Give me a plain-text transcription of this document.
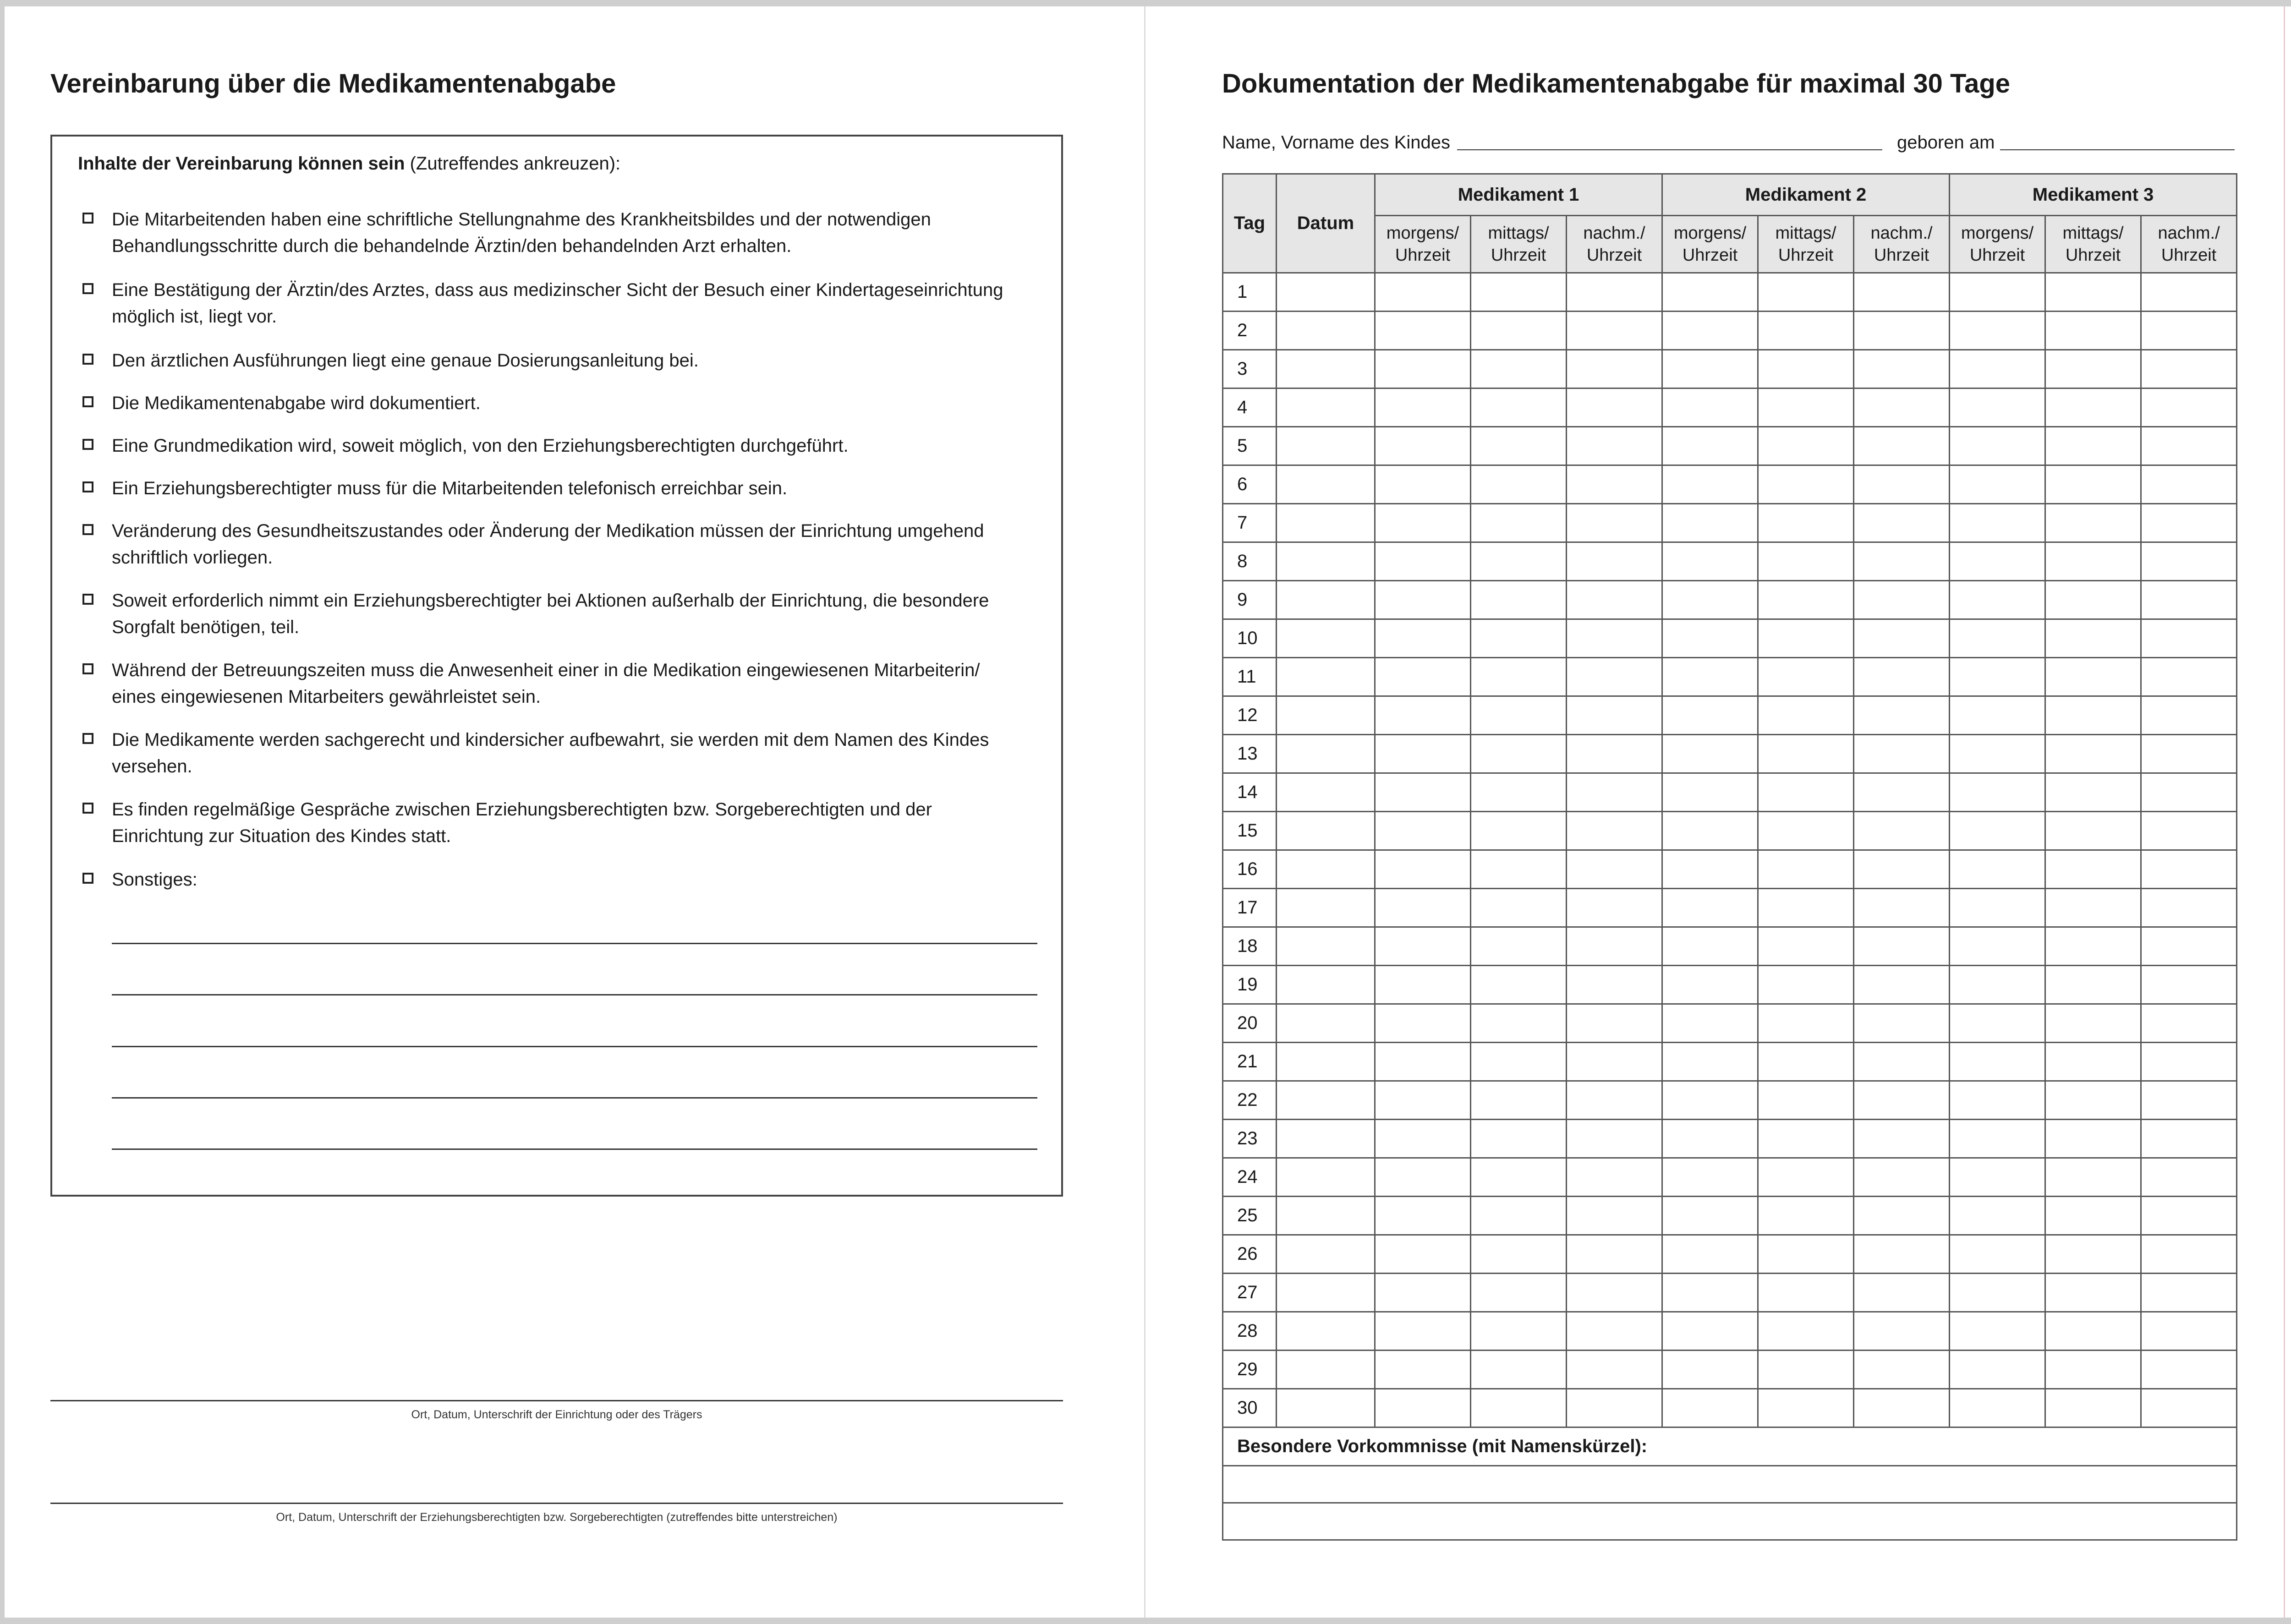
Vereinbarung über die Medikamentenabgabe
Inhalte der Vereinbarung können sein (Zutreffendes ankreuzen):
Die Mitarbeitenden haben eine schriftliche Stellungnahme des Krankheitsbildes und der notwendigen Behandlungsschritte durch die behandelnde Ärztin/den behandelnden Arzt erhalten.
Eine Bestätigung der Ärztin/des Arztes, dass aus medizinscher Sicht der Besuch einer Kindertageseinrichtung möglich ist, liegt vor.
Den ärztlichen Ausführungen liegt eine genaue Dosierungsanleitung bei.
Die Medikamentenabgabe wird dokumentiert.
Eine Grundmedikation wird, soweit möglich, von den Erziehungsberechtigten durchgeführt.
Ein Erziehungsberechtigter muss für die Mitarbeitenden telefonisch erreichbar sein.
Veränderung des Gesundheitszustandes oder Änderung der Medikation müssen der Einrichtung umgehend schriftlich vorliegen.
Soweit erforderlich nimmt ein Erziehungsberechtigter bei Aktionen außerhalb der Einrichtung, die besondere Sorgfalt benötigen, teil.
Während der Betreuungszeiten muss die Anwesenheit einer in die Medikation eingewiesenen Mitarbeiterin/ eines eingewiesenen Mitarbeiters gewährleistet sein.
Die Medikamente werden sachgerecht und kindersicher aufbewahrt, sie werden mit dem Namen des Kindes versehen.
Es finden regelmäßige Gespräche zwischen Erziehungsberechtigten bzw. Sorgeberechtigten und der Einrichtung zur Situation des Kindes statt.
Sonstiges:
Ort, Datum, Unterschrift der Einrichtung oder des Trägers
Ort, Datum, Unterschrift der Erziehungsberechtigten bzw. Sorgeberechtigten (zutreffendes bitte unterstreichen)
Dokumentation der Medikamentenabgabe für maximal 30 Tage
Name, Vorname des Kindes	geboren am
Tag	Datum	Medikament 1			Medikament 2			Medikament 3		
		morgens/ Uhrzeit	mittags/ Uhrzeit	nachm./ Uhrzeit	morgens/ Uhrzeit	mittags/ Uhrzeit	nachm./ Uhrzeit	morgens/ Uhrzeit	mittags/ Uhrzeit	nachm./ Uhrzeit
1										
2										
3										
4										
5										
6										
7										
8										
9										
10										
11										
12										
13										
14										
15										
16										
17										
18										
19										
20										
21										
22										
23										
24										
25										
26										
27										
28										
29										
30										
Besondere Vorkommnisse (mit Namenskürzel):										
